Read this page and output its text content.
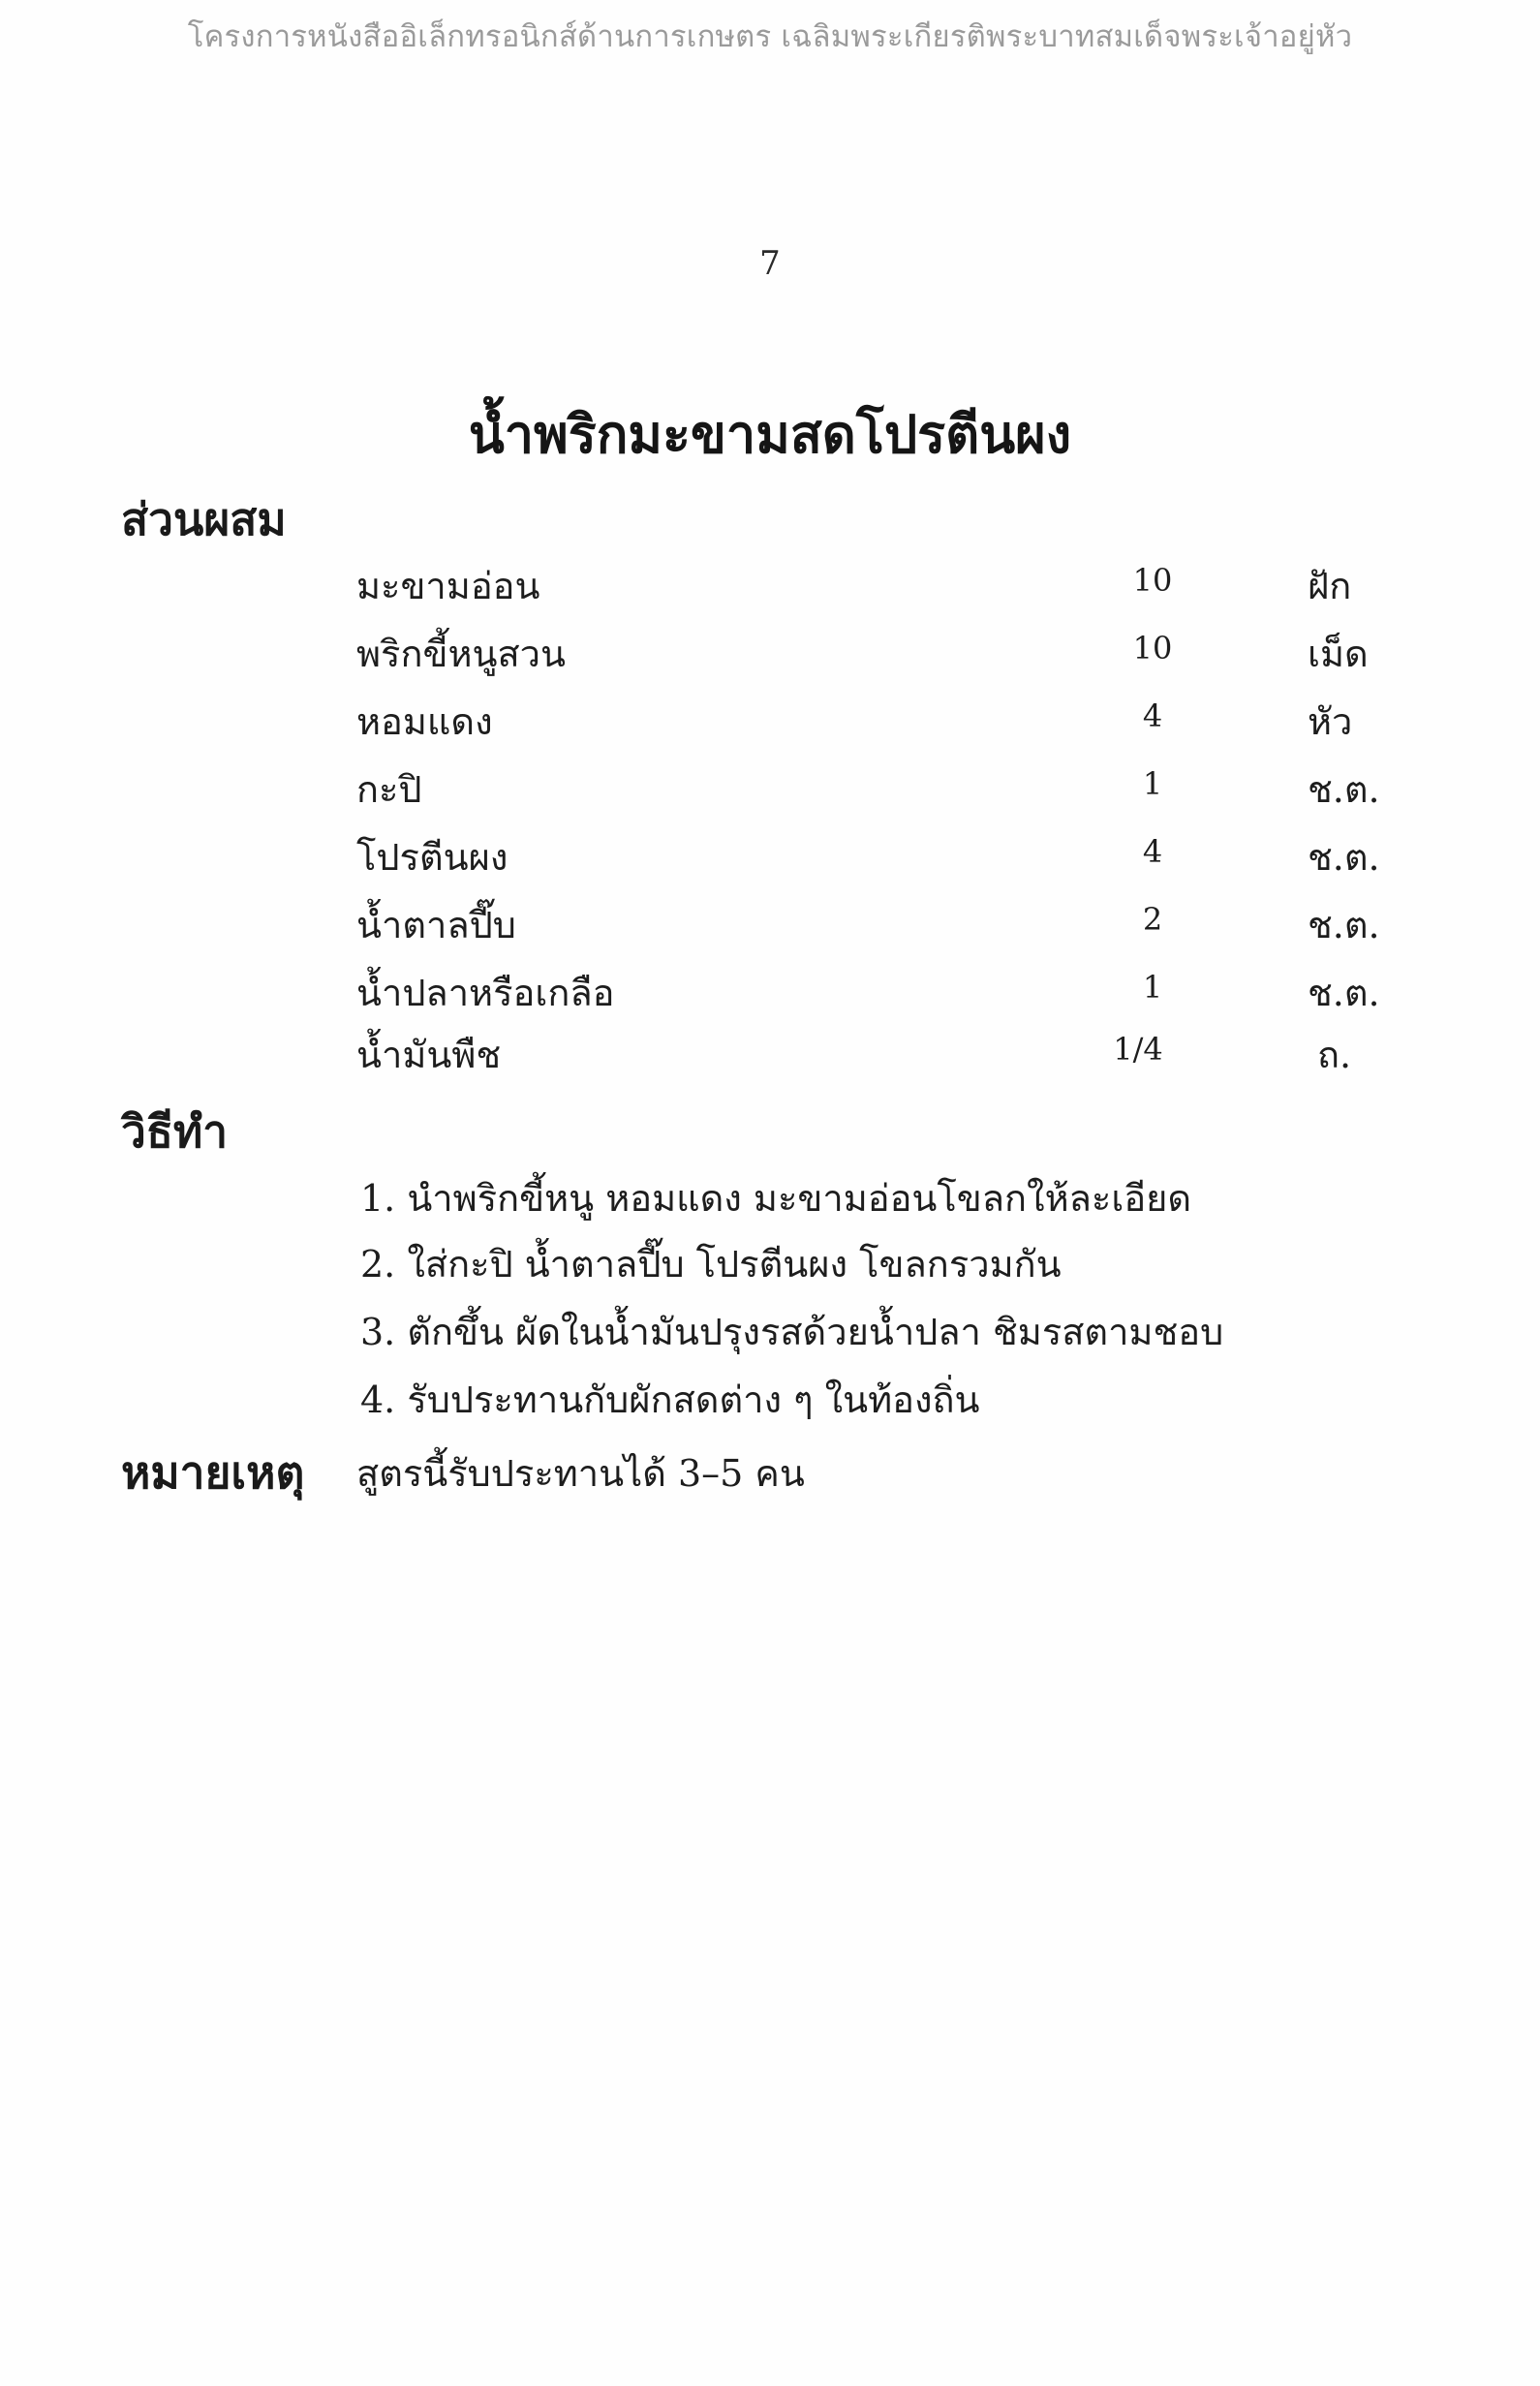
โครงการหนังสืออิเล็กทรอนิกส์ด้านการเกษตร เฉลิมพระเกียรติพระบาทสมเด็จพระเจ้าอยู่หัว
7
น้ำพริกมะขามสดโปรตีนผง
ส่วนผสม
มะขามอ่อน	10	ฝัก
พริกขี้หนูสวน	10	เม็ด
หอมแดง	4	หัว
กะปิ	1	ช.ต.
โปรตีนผง	4	ช.ต.
น้ำตาลปี๊บ	2	ช.ต.
น้ำปลาหรือเกลือ	1	ช.ต.
น้ำมันพืช	1/4	ถ.
วิธีทำ
1. นำพริกขี้หนู หอมแดง มะขามอ่อนโขลกให้ละเอียด
2. ใส่กะปิ น้ำตาลปี๊บ โปรตีนผง โขลกรวมกัน
3. ตักขึ้น ผัดในน้ำมันปรุงรสด้วยน้ำปลา ชิมรสตามชอบ
4. รับประทานกับผักสดต่าง ๆ ในท้องถิ่น
หมายเหตุ สูตรนี้รับประทานได้ 3–5 คน
